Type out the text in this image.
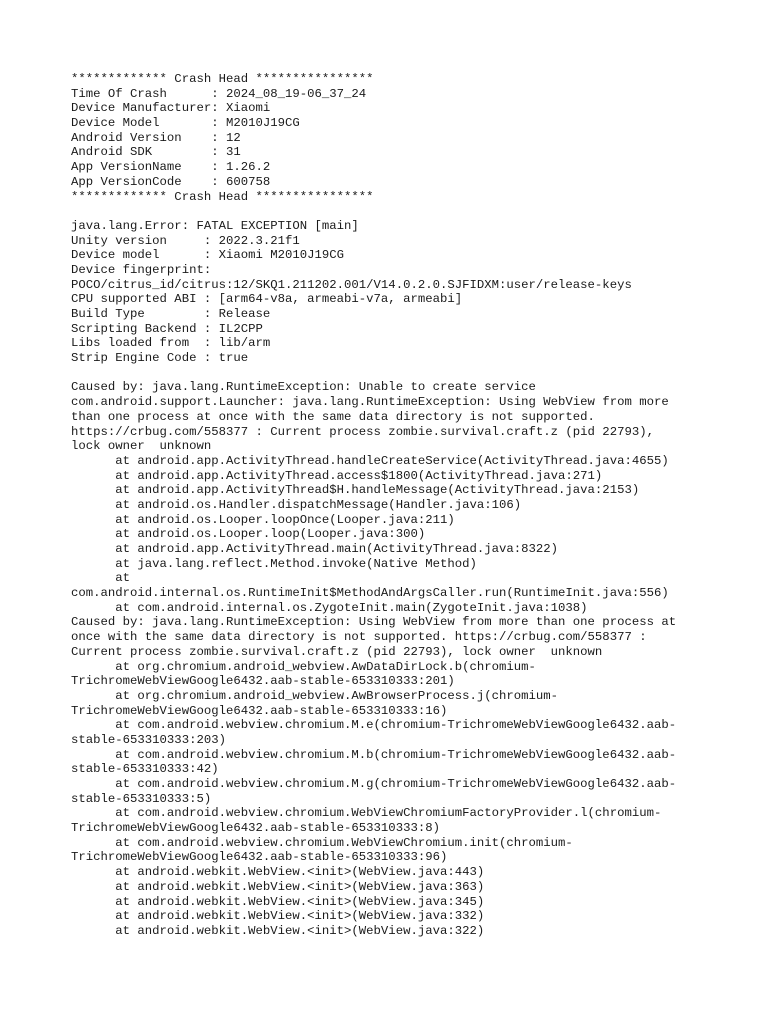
************* Crash Head ****************
Time Of Crash      : 2024_08_19-06_37_24
Device Manufacturer: Xiaomi
Device Model       : M2010J19CG
Android Version    : 12
Android SDK        : 31
App VersionName    : 1.26.2
App VersionCode    : 600758
************* Crash Head ****************
java.lang.Error: FATAL EXCEPTION [main]
Unity version     : 2022.3.21f1
Device model      : Xiaomi M2010J19CG
Device fingerprint:
POCO/citrus_id/citrus:12/SKQ1.211202.001/V14.0.2.0.SJFIDXM:user/release-keys
CPU supported ABI : [arm64-v8a, armeabi-v7a, armeabi]
Build Type        : Release
Scripting Backend : IL2CPP
Libs loaded from  : lib/arm
Strip Engine Code : true
Caused by: java.lang.RuntimeException: Unable to create service
com.android.support.Launcher: java.lang.RuntimeException: Using WebView from more
than one process at once with the same data directory is not supported.
https://crbug.com/558377 : Current process zombie.survival.craft.z (pid 22793),
lock owner  unknown
at android.app.ActivityThread.handleCreateService(ActivityThread.java:4655)
at android.app.ActivityThread.access$1800(ActivityThread.java:271)
at android.app.ActivityThread$H.handleMessage(ActivityThread.java:2153)
at android.os.Handler.dispatchMessage(Handler.java:106)
at android.os.Looper.loopOnce(Looper.java:211)
at android.os.Looper.loop(Looper.java:300)
at android.app.ActivityThread.main(ActivityThread.java:8322)
at java.lang.reflect.Method.invoke(Native Method)
at
com.android.internal.os.RuntimeInit$MethodAndArgsCaller.run(RuntimeInit.java:556)
at com.android.internal.os.ZygoteInit.main(ZygoteInit.java:1038)
Caused by: java.lang.RuntimeException: Using WebView from more than one process at
once with the same data directory is not supported. https://crbug.com/558377 :
Current process zombie.survival.craft.z (pid 22793), lock owner  unknown
at org.chromium.android_webview.AwDataDirLock.b(chromium-
TrichromeWebViewGoogle6432.aab-stable-653310333:201)
at org.chromium.android_webview.AwBrowserProcess.j(chromium-
TrichromeWebViewGoogle6432.aab-stable-653310333:16)
at com.android.webview.chromium.M.e(chromium-TrichromeWebViewGoogle6432.aab-
stable-653310333:203)
at com.android.webview.chromium.M.b(chromium-TrichromeWebViewGoogle6432.aab-
stable-653310333:42)
at com.android.webview.chromium.M.g(chromium-TrichromeWebViewGoogle6432.aab-
stable-653310333:5)
at com.android.webview.chromium.WebViewChromiumFactoryProvider.l(chromium-
TrichromeWebViewGoogle6432.aab-stable-653310333:8)
at com.android.webview.chromium.WebViewChromium.init(chromium-
TrichromeWebViewGoogle6432.aab-stable-653310333:96)
at android.webkit.WebView.<init>(WebView.java:443)
at android.webkit.WebView.<init>(WebView.java:363)
at android.webkit.WebView.<init>(WebView.java:345)
at android.webkit.WebView.<init>(WebView.java:332)
at android.webkit.WebView.<init>(WebView.java:322)
